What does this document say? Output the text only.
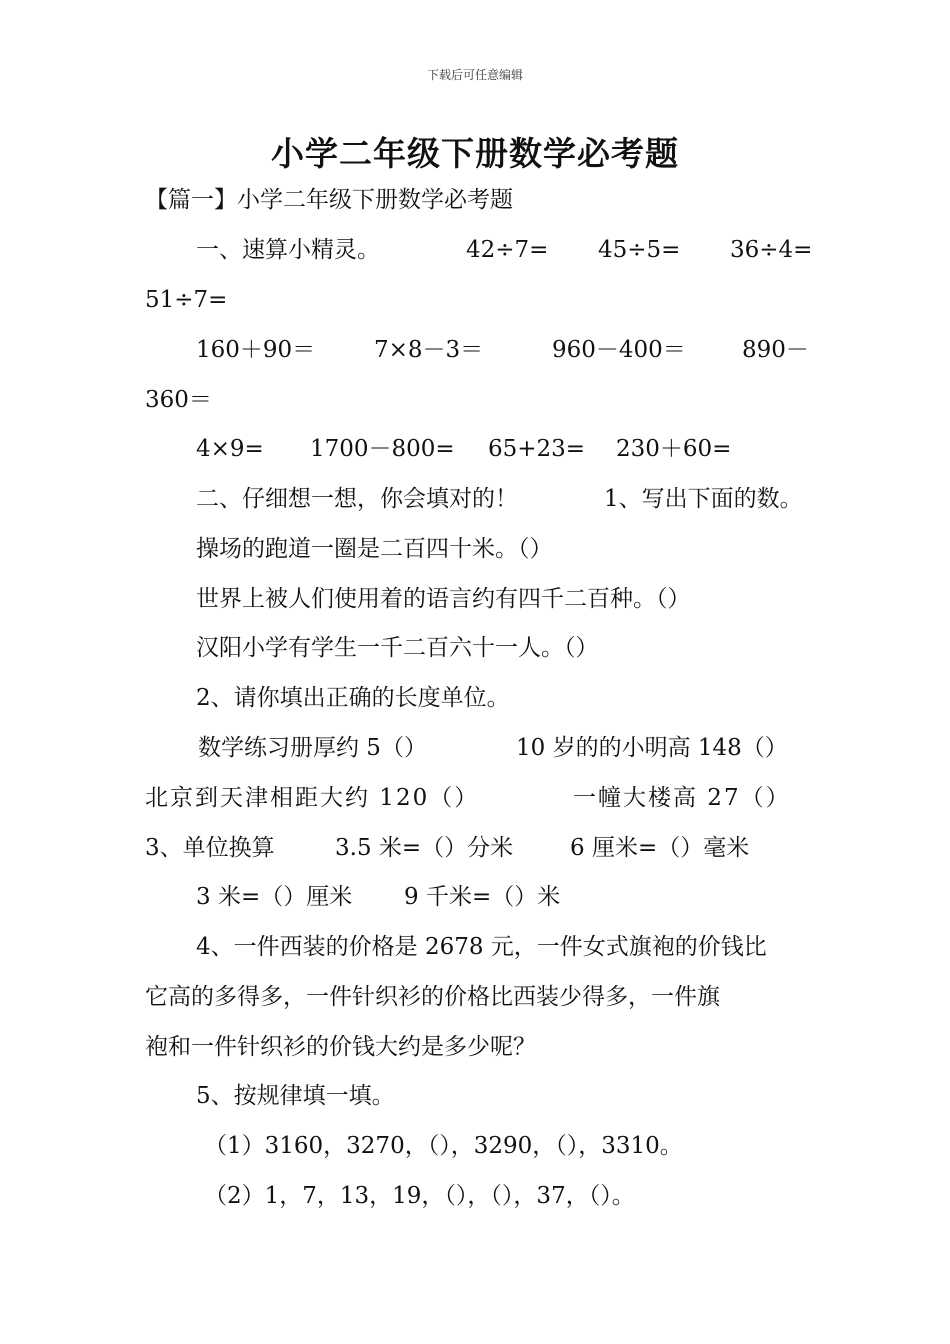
下载后可任意编辑
小学二年级下册数学必考题
【篇一】小学二年级下册数学必考题
一、速算小精灵。	42÷7= 45÷5= 36÷4=
51÷7=
160＋90＝	7×8－3＝	960－400＝ 890－
360＝
4×9= 1700－800= 65+23= 230＋60=
二、仔细想一想，你会填对的！	1、写出下面的数。
操场的跑道一圈是二百四十米。（）
世界上被人们使用着的语言约有四千二百种。（）
汉阳小学有学生一千二百六十一人。（）
2、请你填出正确的长度单位。
数学练习册厚约 5（）	10 岁的的小明高 148（）
北京到天津相距大约 120（）	一幢大楼高 27（）
3、单位换算	3.5 米=（）分米 6 厘米=（）毫米
3 米=（）厘米 9 千米=（）米
4、一件西装的价格是 2678 元，一件女式旗袍的价钱比
它高的多得多，一件针织衫的价格比西装少得多，一件旗
袍和一件针织衫的价钱大约是多少呢？
5、按规律填一填。
（1）3160，3270，（），3290，（），3310。
（2）1，7，13，19，（），（），37，（）。
